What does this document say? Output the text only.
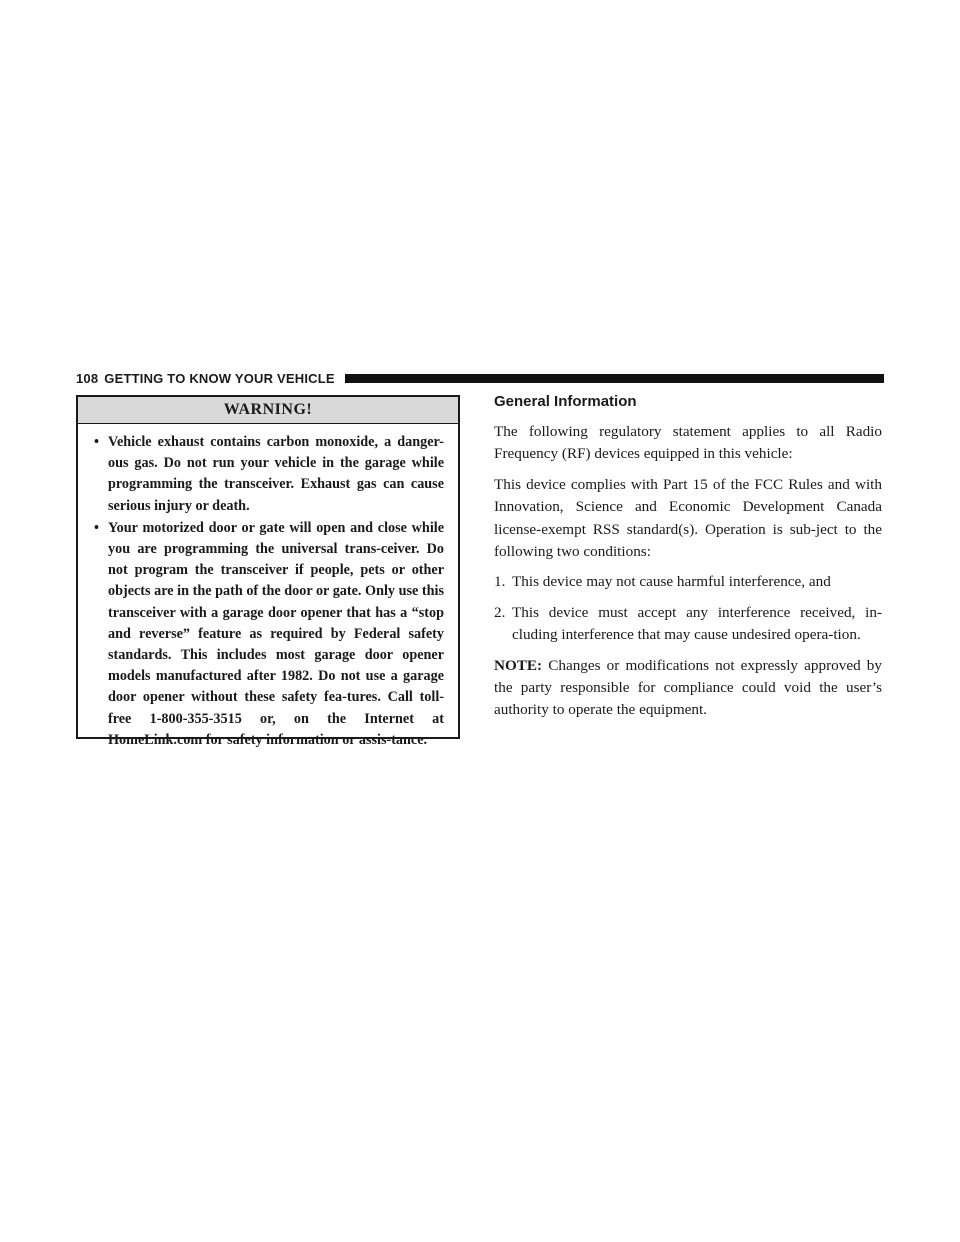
108 GETTING TO KNOW YOUR VEHICLE
WARNING!
• Vehicle exhaust contains carbon monoxide, a danger-ous gas. Do not run your vehicle in the garage while programming the transceiver. Exhaust gas can cause serious injury or death.
• Your motorized door or gate will open and close while you are programming the universal trans-ceiver. Do not program the transceiver if people, pets or other objects are in the path of the door or gate. Only use this transceiver with a garage door opener that has a “stop and reverse” feature as required by Federal safety standards. This includes most garage door opener models manufactured after 1982. Do not use a garage door opener without these safety fea-tures. Call toll-free 1-800-355-3515 or, on the Internet at HomeLink.com for safety information or assis-tance.
General Information

The following regulatory statement applies to all Radio Frequency (RF) devices equipped in this vehicle:

This device complies with Part 15 of the FCC Rules and with Innovation, Science and Economic Development Canada license-exempt RSS standard(s). Operation is sub-ject to the following two conditions:

1. This device may not cause harmful interference, and
2. This device must accept any interference received, in-cluding interference that may cause undesired opera-tion.

NOTE: Changes or modifications not expressly approved by the party responsible for compliance could void the user’s authority to operate the equipment.
